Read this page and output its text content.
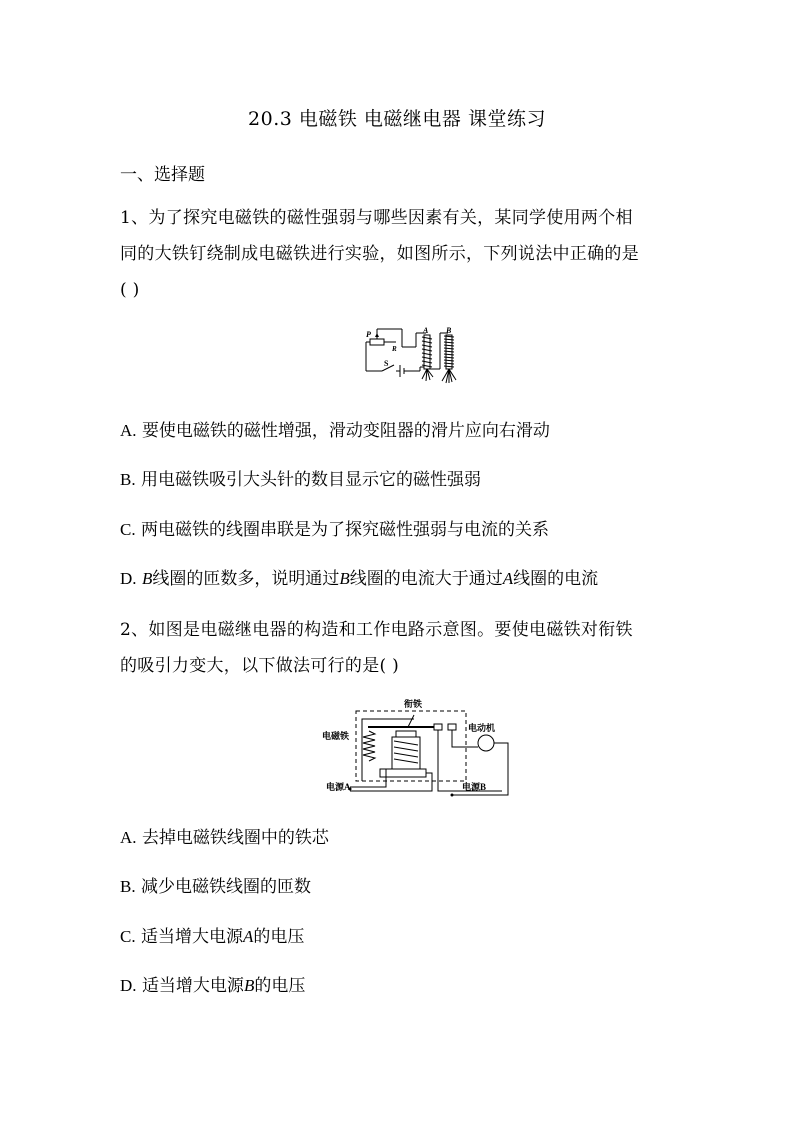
20.3 电磁铁 电磁继电器 课堂练习
一、选择题
1、为了探究电磁铁的磁性强弱与哪些因素有关，某同学使用两个相
同的大铁钉绕制成电磁铁进行实验，如图所示，下列说法中正确的是
( )
P
R
S
A B
A. 要使电磁铁的磁性增强，滑动变阻器的滑片应向右滑动
B. 用电磁铁吸引大头针的数目显示它的磁性强弱
C. 两电磁铁的线圈串联是为了探究磁性强弱与电流的关系
D. B线圈的匝数多，说明通过B线圈的电流大于通过A线圈的电流
2、如图是电磁继电器的构造和工作电路示意图。要使电磁铁对衔铁
的吸引力变大，以下做法可行的是( )
衔铁
电磁铁
电动机
电源A	电源B
A. 去掉电磁铁线圈中的铁芯
B. 减少电磁铁线圈的匝数
C. 适当增大电源A的电压
D. 适当增大电源B的电压
